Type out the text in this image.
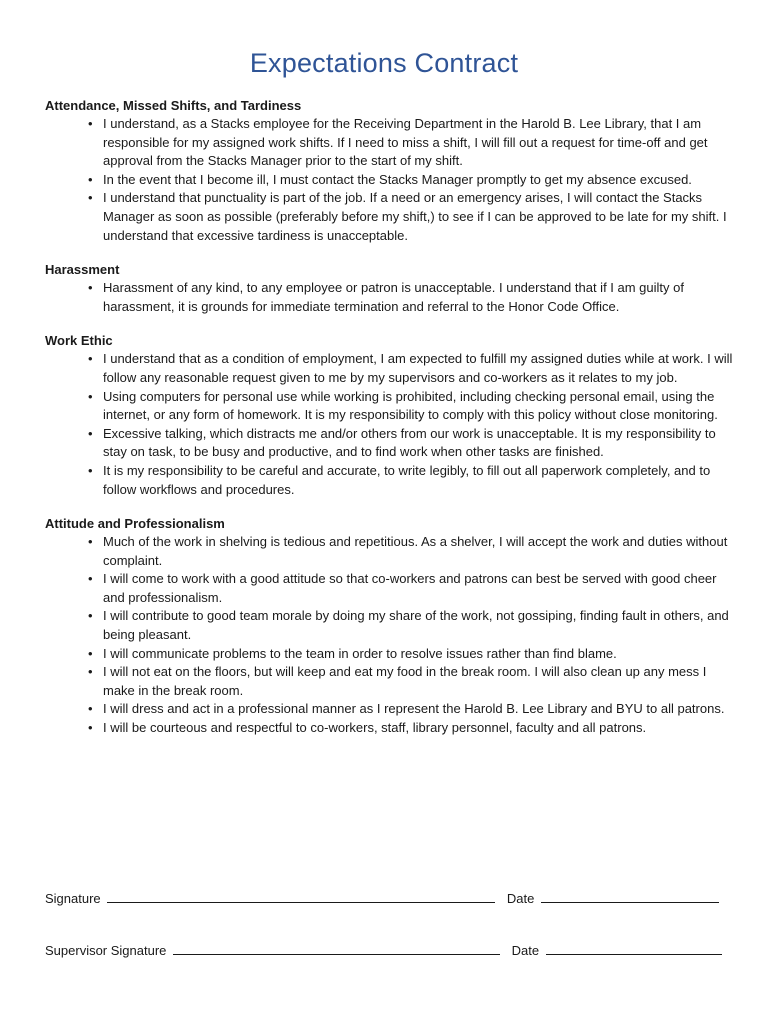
Expectations Contract
Attendance, Missed Shifts, and Tardiness
• I understand, as a Stacks employee for the Receiving Department in the Harold B. Lee Library, that I am responsible for my assigned work shifts. If I need to miss a shift, I will fill out a request for time-off and get approval from the Stacks Manager prior to the start of my shift.
• In the event that I become ill, I must contact the Stacks Manager promptly to get my absence excused.
• I understand that punctuality is part of the job. If a need or an emergency arises, I will contact the Stacks Manager as soon as possible (preferably before my shift,) to see if I can be approved to be late for my shift. I understand that excessive tardiness is unacceptable.
Harassment
• Harassment of any kind, to any employee or patron is unacceptable. I understand that if I am guilty of harassment, it is grounds for immediate termination and referral to the Honor Code Office.
Work Ethic
• I understand that as a condition of employment, I am expected to fulfill my assigned duties while at work. I will follow any reasonable request given to me by my supervisors and co-workers as it relates to my job.
• Using computers for personal use while working is prohibited, including checking personal email, using the internet, or any form of homework. It is my responsibility to comply with this policy without close monitoring.
• Excessive talking, which distracts me and/or others from our work is unacceptable. It is my responsibility to stay on task, to be busy and productive, and to find work when other tasks are finished.
• It is my responsibility to be careful and accurate, to write legibly, to fill out all paperwork completely, and to follow workflows and procedures.
Attitude and Professionalism
• Much of the work in shelving is tedious and repetitious. As a shelver, I will accept the work and duties without complaint.
• I will come to work with a good attitude so that co-workers and patrons can best be served with good cheer and professionalism.
• I will contribute to good team morale by doing my share of the work, not gossiping, finding fault in others, and being pleasant.
• I will communicate problems to the team in order to resolve issues rather than find blame.
• I will not eat on the floors, but will keep and eat my food in the break room. I will also clean up any mess I make in the break room.
• I will dress and act in a professional manner as I represent the Harold B. Lee Library and BYU to all patrons.
• I will be courteous and respectful to co-workers, staff, library personnel, faculty and all patrons.
Signature	Date
Supervisor Signature	Date
